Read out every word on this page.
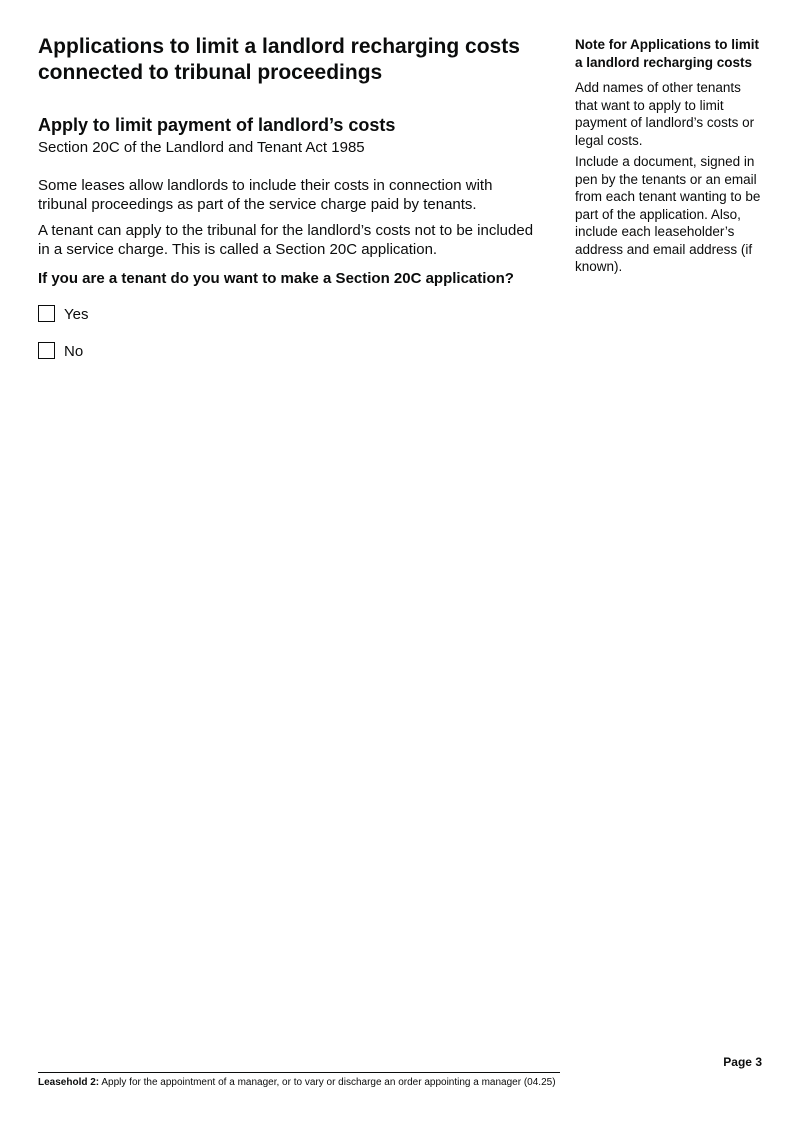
Applications to limit a landlord recharging costs connected to tribunal proceedings
Apply to limit payment of landlord’s costs

Section 20C of the Landlord and Tenant Act 1985

Some leases allow landlords to include their costs in connection with tribunal proceedings as part of the service charge paid by tenants.

A tenant can apply to the tribunal for the landlord’s costs not to be included in a service charge. This is called a Section 20C application.

If you are a tenant do you want to make a Section 20C application?

Yes
No

Note for Applications to limit a landlord recharging costs

Add names of other tenants that want to apply to limit payment of landlord’s costs or legal costs.

Include a document, signed in pen by the tenants or an email from each tenant wanting to be part of the application. Also, include each leaseholder’s address and email address (if known).

Page 3
Leasehold 2: Apply for the appointment of a manager, or to vary or discharge an order appointing a manager (04.25)
